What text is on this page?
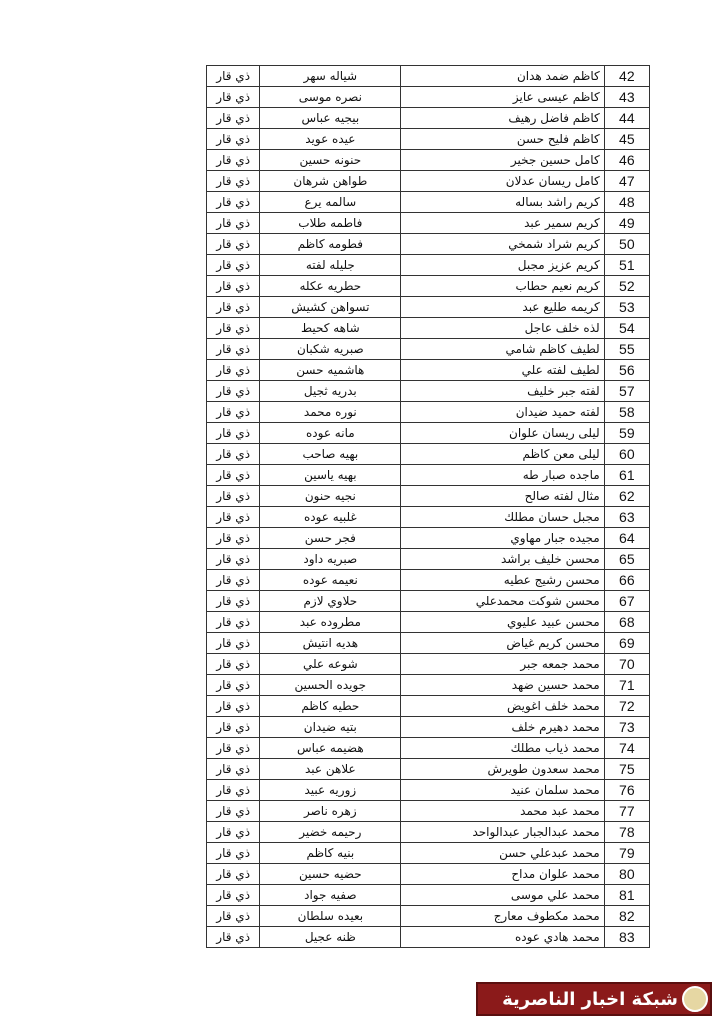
ذي قار	شياله سهر	كاظم ضمد هدان	42
ذي قار	نصره موسى	كاظم عيسى عايز	43
ذي قار	بيجيه عباس	كاظم فاضل رهيف	44
ذي قار	عيده عويد	كاظم فليح حسن	45
ذي قار	حنونه حسين	كامل حسين جخير	46
ذي قار	طواهن شرهان	كامل ريسان عدلان	47
ذي قار	سالمه يرع	كريم راشد بساله	48
ذي قار	فاطمه طلاب	كريم سمير عبد	49
ذي قار	فطومه كاظم	كريم شراد شمخي	50
ذي قار	جليله لفته	كريم عزيز مجبل	51
ذي قار	حطريه عكله	كريم نعيم حطاب	52
ذي قار	تسواهن كشيش	كريمه طليع عبد	53
ذي قار	شاهه كحيط	لذه خلف عاجل	54
ذي قار	صبريه شكبان	لطيف كاظم شامي	55
ذي قار	هاشميه حسن	لطيف لفته علي	56
ذي قار	بدريه ثجيل	لفته جبر خليف	57
ذي قار	نوره محمد	لفته حميد ضيدان	58
ذي قار	مانه عوده	ليلى ريسان علوان	59
ذي قار	بهيه صاحب	ليلى معن كاظم	60
ذي قار	بهيه ياسين	ماجده صبار طه	61
ذي قار	نجيه حنون	مثال لفته صالح	62
ذي قار	غلبيه عوده	مجبل حسان مطلك	63
ذي قار	فجر حسن	مجيده جبار مهاوي	64
ذي قار	صبريه داود	محسن خليف براشد	65
ذي قار	نعيمه عوده	محسن رشيج عطيه	66
ذي قار	حلاوي لازم	محسن شوكت محمدعلي	67
ذي قار	مطروده عبد	محسن عبيد عليوي	68
ذي قار	هديه انتيش	محسن كريم غياض	69
ذي قار	شوعه علي	محمد جمعه جبر	70
ذي قار	جويده الحسين	محمد حسين ضهد	71
ذي قار	حطيه كاظم	محمد خلف اغويض	72
ذي قار	بتيه ضيدان	محمد دهيرم خلف	73
ذي قار	هضيمه عباس	محمد ذياب مطلك	74
ذي قار	علاهن عبد	محمد سعدون طويرش	75
ذي قار	زوريه عبيد	محمد سلمان عنيد	76
ذي قار	زهره ناصر	محمد عبد محمد	77
ذي قار	رحيمه خضير	محمد عبدالجبار عبدالواحد	78
ذي قار	بنيه كاظم	محمد عبدعلي حسن	79
ذي قار	حضيه حسين	محمد علوان مداح	80
ذي قار	صفيه جواد	محمد علي موسى	81
ذي قار	بعيده سلطان	محمد مكطوف معارج	82
ذي قار	ظنه عجيل	محمد هادي عوده	83
شبكة اخبار الناصرية
